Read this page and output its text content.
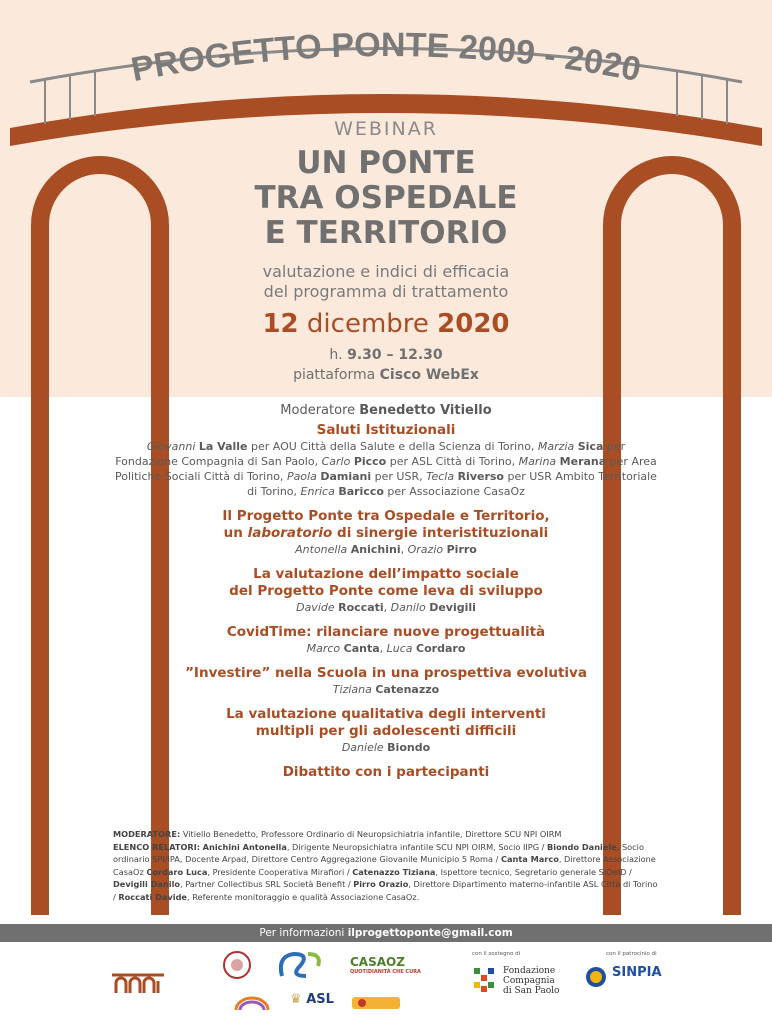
PROGETTO PONTE 2009 - 2020
WEBINAR
UN PONTE
TRA OSPEDALE
E TERRITORIO
valutazione e indici di efficacia
del programma di trattamento
12 dicembre 2020
h. 9.30 – 12.30
piattaforma Cisco WebEx
Moderatore Benedetto Vitiello
Saluti Istituzionali
Giovanni La Valle per AOU Città della Salute e della Scienza di Torino, Marzia Sica per Fondazione Compagnia di San Paolo, Carlo Picco per ASL Città di Torino, Marina Merana per Area Politiche Sociali Città di Torino, Paola Damiani per USR, Tecla Riverso per USR Ambito Territoriale di Torino, Enrica Baricco per Associazione CasaOz
Il Progetto Ponte tra Ospedale e Territorio,
un laboratorio di sinergie interistituzionali
Antonella Anichini, Orazio Pirro
La valutazione dell’impatto sociale
del Progetto Ponte come leva di sviluppo
Davide Roccati, Danilo Devigili
CovidTime: rilanciare nuove progettualità
Marco Canta, Luca Cordaro
”Investire” nella Scuola in una prospettiva evolutiva
Tiziana Catenazzo
La valutazione qualitativa degli interventi
multipli per gli adolescenti difficili
Daniele Biondo
Dibattito con i partecipanti
MODERATORE: Vitiello Benedetto, Professore Ordinario di Neuropsichiatria infantile, Direttore SCU NPI OIRM
ELENCO RELATORI: Anichini Antonella, Dirigente Neuropsichiatra infantile SCU NPI OIRM, Socio IIPG / Biondo Daniele, Socio ordinario SPI/IPA, Docente Arpad, Direttore Centro Aggregazione Giovanile Municipio 5 Roma / Canta Marco, Direttore Associazione CasaOz Cordaro Luca, Presidente Cooperativa Mirafiori / Catenazzo Tiziana, Ispettore tecnico, Segretario generale SIOeID / Devigili Danilo, Partner Collectibus SRL Società Benefit / Pirro Orazio, Direttore Dipartimento materno-infantile ASL Città di Torino / Roccati Davide, Referente monitoraggio e qualità Associazione CasaOz.
Per informazioni ilprogettoponte@gmail.com
CASAOZ
QUOTIDIANITÀ CHE CURA
♛ ASL
con il sostegno di
Fondazione
Compagnia
di San Paolo
con il patrocinio di
SINPIA
